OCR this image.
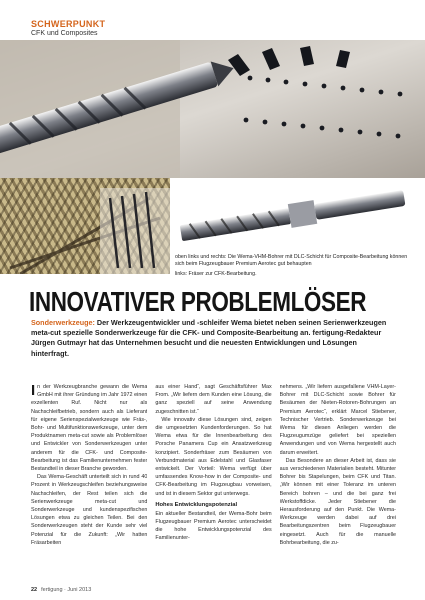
SCHWERPUNKT
CFK und Composites
oben links und rechts: Die Wema-VHM-Bohrer mit DLC-Schicht für Composite-Bearbeitung können sich beim Flugzeugbauer Premium Aerotec gut behaupten
links: Fräser zur CFK-Bearbeitung.
INNOVATIVER PROBLEMLÖSER
Sonderwerkzeuge: Der Werkzeugentwickler und -schleifer Wema bietet neben seinen Serienwerkzeugen meta-cut spezielle Sonderwerkzeuge für die CFK- und Composite-Bearbeitung an. fertigung-Redakteur Jürgen Gutmayr hat das Unternehmen besucht und die neuesten Entwicklungen und Lösungen hinterfragt.

In der Werkzeugbranche gewann die Wema GmbH mit ihrer Gründung im Jahr 1972 einen exzellenten Ruf. Nicht nur als Nachschleifbetrieb, sondern auch als Lieferant für eigene Serienspezialwerkzeuge wie Fräs-, Bohr- und Multifunktionswerkzeuge, unter dem Produktnamen meta-cut sowie als Problemlöser und Entwickler von Sonderwerkzeugen unter anderem für die CFK- und Composite-Bearbeitung ist das Familienunternehmen fester Bestandteil in dieser Branche geworden.

Das Wema-Geschäft unterteilt sich in rund 40 Prozent in Werkzeugschleifen beziehungsweise Nachschleifen, der Rest teilen sich die Serienwerkzeuge meta-cut und Sonderwerkzeuge und kundenspezifischen Lösungen etwa zu gleichen Teilen. Bei den Sonderwerkzeugen steht der Kunde sehr viel Potenzial für die Zukunft: „Wir hatten Fräsarbeiten

aus einer Hand“, sagt Geschäftsführer Max From. „Wir liefern dem Kunden eine Lösung, die ganz speziell auf seine Anwendung zugeschnitten ist.“

Wie innovativ diese Lösungen sind, zeigen die umgesetzten Kundenforderungen. So hat Wema etwa für die Innenbearbeitung des Porsche Panamera Cup ein Ansatzwerkzeug konzipiert. Sonderfräser zum Besäumen von Verbundmaterial aus Edelstahl und Glasfaser entwickelt. Der Vorteil: Wema verfügt über umfassendes Know-how in der Composite- und CFK-Bearbeitung im Flugzeugbau vorweisen, und ist in diesem Sektor gut unterwegs.

Hohes Entwicklungspotenzial

Ein aktueller Bestandteil, der Wema-Bohr beim Flugzeugbauer Premium Aerotec unterscheidet die hohe Entwicklungspotenzial des Familienunter-

nehmens. „Wir liefern ausgefallene VHM-Layer-Bohrer mit DLC-Schicht sowie Bohrer für Besäumen der Nieten-Rotoren-Bohrungen an Premium Aerotec“, erklärt Marcel Stiebener, Technischer Vertrieb. Sonderwerkzeuge bei Wema für diesen Anliegen werden die Flugzeugumzüge geliefert bei speziellen Anwendungen und von Wema hergestellt auch darum erweitert.

Das Besondere an dieser Arbeit ist, dass sie aus verschiedenen Materialien besteht. Mitunter Bohrer bis Stapelungen, beim CFK und Titan. „Wir können mit einer Toleranz im unteren Bereich bohren – und die bei ganz frei Werkstoffdicke. Jeder Stiebener die Herausforderung auf den Punkt. Die Wema-Werkzeuge werden dabei auf drei Bearbeitungszentren beim Flugzeugbauer eingesetzt. Auch für die manuelle Bohrbearbeitung, die zu-

22 fertigung · Juni 2013
